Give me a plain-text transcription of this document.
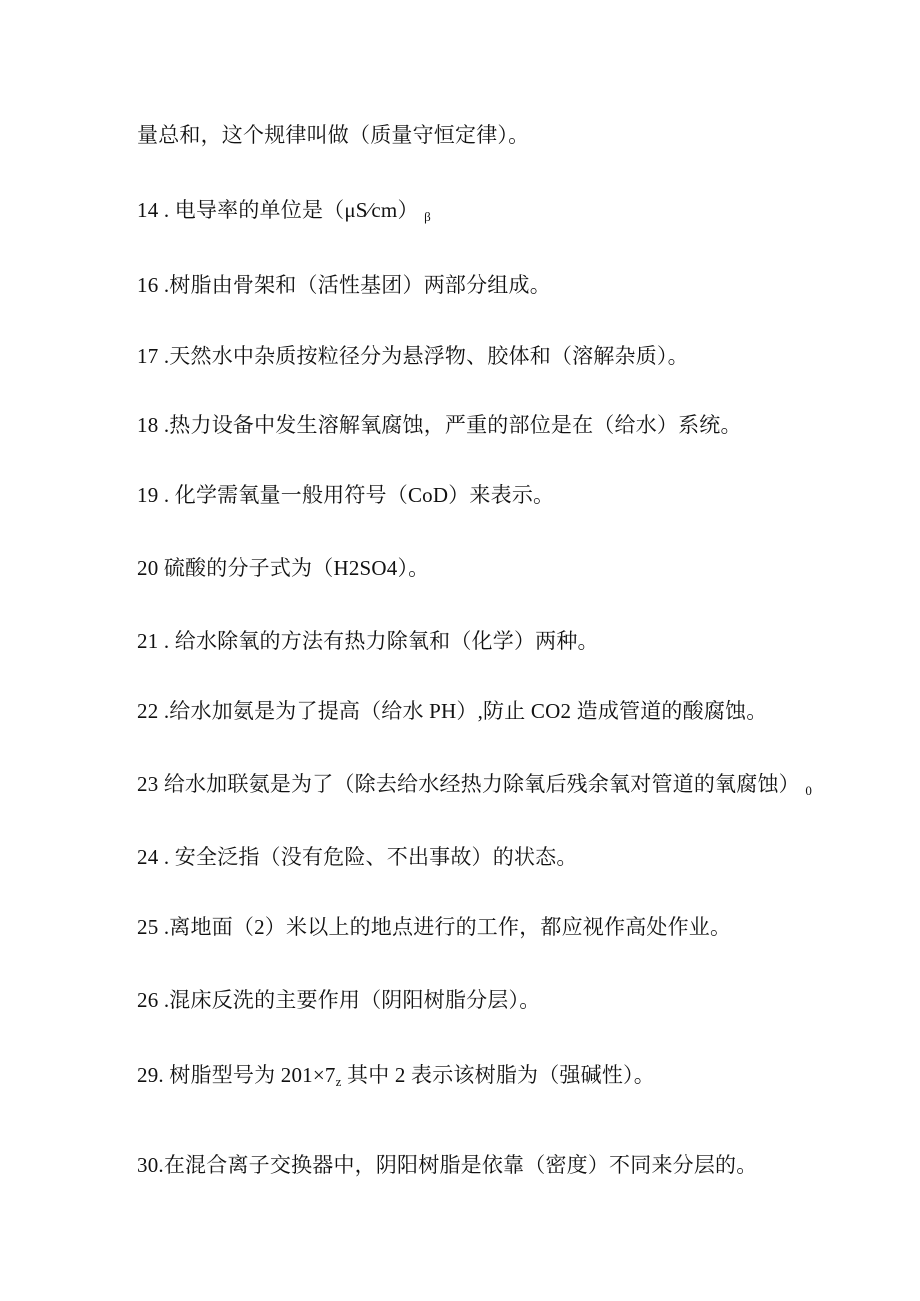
量总和，这个规律叫做（质量守恒定律）。
14 . 电导率的单位是（μS⁄cm） β
16 .树脂由骨架和（活性基团）两部分组成。
17 .天然水中杂质按粒径分为悬浮物、胶体和（溶解杂质）。
18 .热力设备中发生溶解氧腐蚀，严重的部位是在（给水）系统。
19 . 化学需氧量一般用符号（CoD）来表示。
20 硫酸的分子式为（H2SO4）。
21 . 给水除氧的方法有热力除氧和（化学）两种。
22 .给水加氨是为了提高（给水 PH）,防止 CO2 造成管道的酸腐蚀。
23 给水加联氨是为了（除去给水经热力除氧后残余氧对管道的氧腐蚀） 0
24 . 安全泛指（没有危险、不出事故）的状态。
25 .离地面（2）米以上的地点进行的工作，都应视作高处作业。
26 .混床反洗的主要作用（阴阳树脂分层）。
29. 树脂型号为 201×7z 其中 2 表示该树脂为（强碱性）。
30.在混合离子交换器中，阴阳树脂是依靠（密度）不同来分层的。
